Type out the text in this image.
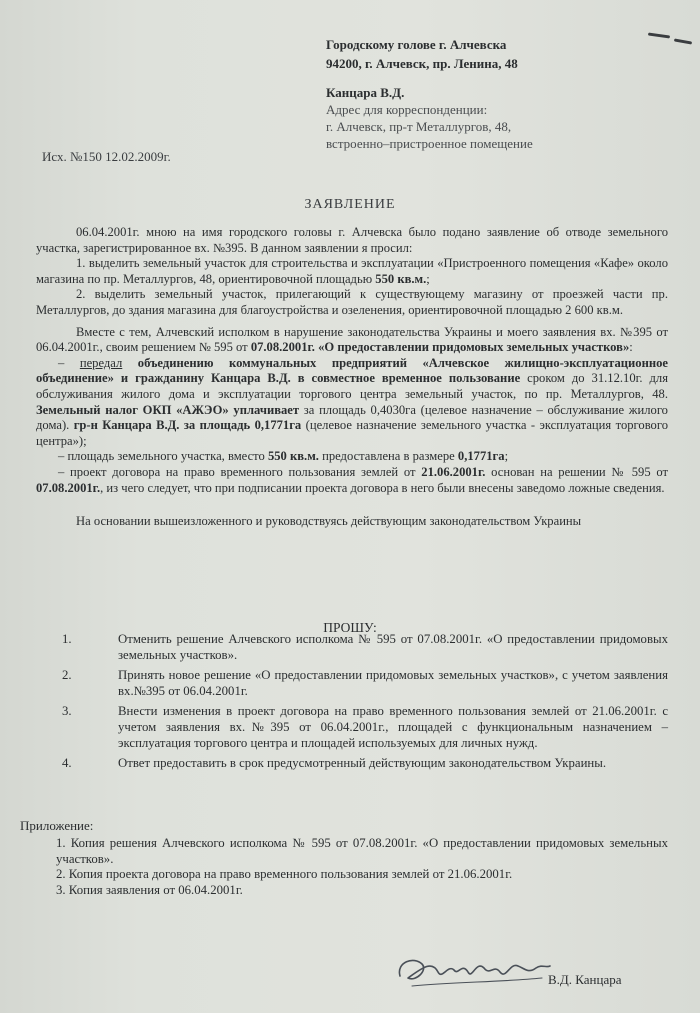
Городскому голове г. Алчевска
94200, г. Алчевск, пр. Ленина, 48
Канцара В.Д.
Адрес для корреспонденции:
г. Алчевск, пр-т Металлургов, 48,
встроенно–пристроенное помещение
Исх. №150 12.02.2009г.
ЗАЯВЛЕНИЕ

06.04.2001г. мною на имя городского головы г. Алчевска было подано заявление об отводе земельного участка, зарегистрированное вх. №395. В данном заявлении я просил:

1. выделить земельный участок для строительства и эксплуатации «Пристроенного помещения «Кафе» около магазина по пр. Металлургов, 48, ориентировочной площадью 550 кв.м.;

2. выделить земельный участок, прилегающий к существующему магазину от проезжей части пр. Металлургов, до здания магазина для благоустройства и озеленения, ориентировочной площадью 2 600 кв.м.

Вместе с тем, Алчевский исполком в нарушение законодательства Украины и моего заявления вх. №395 от 06.04.2001г., своим решением № 595 от 07.08.2001г. «О предоставлении придомовых земельных участков»:

– передал объединению коммунальных предприятий «Алчевское жилищно-эксплуатационное объединение» и гражданину Канцара В.Д. в совместное временное пользование сроком до 31.12.10г. для обслуживания жилого дома и эксплуатации торгового центра земельный участок, по пр. Металлургов, 48. Земельный налог ОКП «АЖЭО» уплачивает за площадь 0,4030га (целевое назначение – обслуживание жилого дома). гр-н Канцара В.Д. за площадь 0,1771га (целевое назначение земельного участка - эксплуатация торгового центра»);

– площадь земельного участка, вместо 550 кв.м. предоставлена в размере 0,1771га;

– проект договора на право временного пользования землей от 21.06.2001г. основан на решении № 595 от 07.08.2001г., из чего следует, что при подписании проекта договора в него были внесены заведомо ложные сведения.

На основании вышеизложенного и руководствуясь действующим законодательством Украины

ПРОШУ:
1.	Отменить решение Алчевского исполкома № 595 от 07.08.2001г. «О предоставлении придомовых земельных участков».
2.	Принять новое решение «О предоставлении придомовых земельных участков», с учетом заявления вх.№395 от 06.04.2001г.
3.	Внести изменения в проект договора на право временного пользования землей от 21.06.2001г. с учетом заявления вх.№395 от 06.04.2001г., площадей с функциональным назначением – эксплуатация торгового центра и площадей используемых для личных нужд.
4.	Ответ предоставить в срок предусмотренный действующим законодательством Украины.
Приложение:

1. Копия решения Алчевского исполкома № 595 от 07.08.2001г. «О предоставлении придомовых земельных участков».

2. Копия проекта договора на право временного пользования землей от 21.06.2001г.

3. Копия заявления от 06.04.2001г.

В.Д. Канцара
